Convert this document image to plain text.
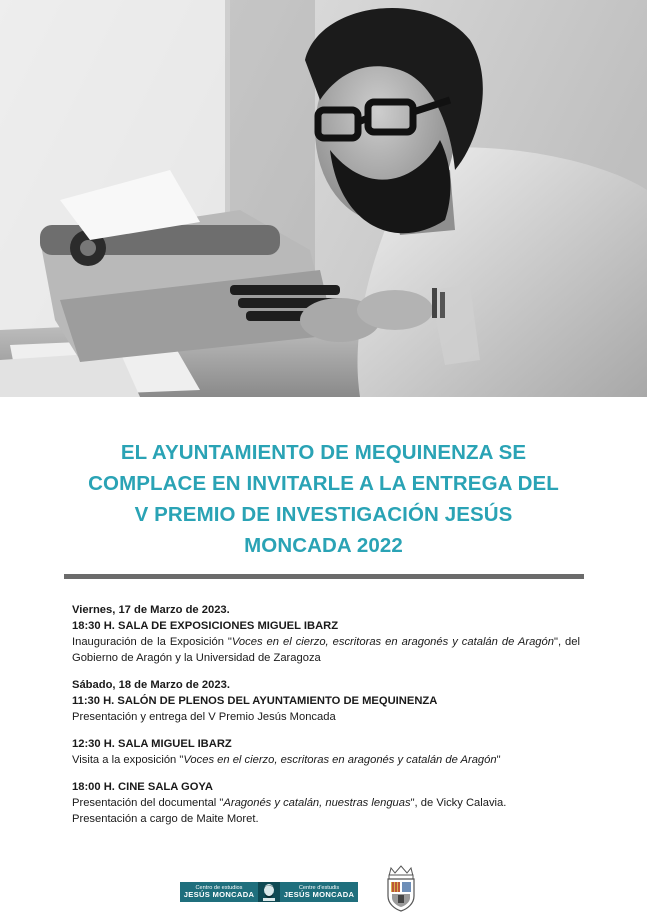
EL AYUNTAMIENTO DE MEQUINENZA SE
COMPLACE EN INVITARLE A LA ENTREGA DEL
V PREMIO DE INVESTIGACIÓN JESÚS
MONCADA 2022
Viernes, 17 de Marzo de 2023.
18:30 H. SALA DE EXPOSICIONES MIGUEL IBARZ
Inauguración de la Exposición "Voces en el cierzo, escritoras en aragonés y catalán de Aragón", del Gobierno de Aragón y la Universidad de Zaragoza
Sábado, 18 de Marzo de 2023.
11:30 H. SALÓN DE PLENOS DEL AYUNTAMIENTO DE MEQUINENZA
Presentación y entrega del V Premio Jesús Moncada
12:30 H. SALA MIGUEL IBARZ
Visita a la exposición "Voces en el cierzo, escritoras en aragonés y catalán de Aragón"
18:00 H. CINE SALA GOYA
Presentación del documental "Aragonés y catalán, nuestras lenguas", de Vicky Calavia.
Presentación a cargo de Maite Moret.
Centro de estudios
JESÚS MONCADA
Centre d'estudis
JESÚS MONCADA
